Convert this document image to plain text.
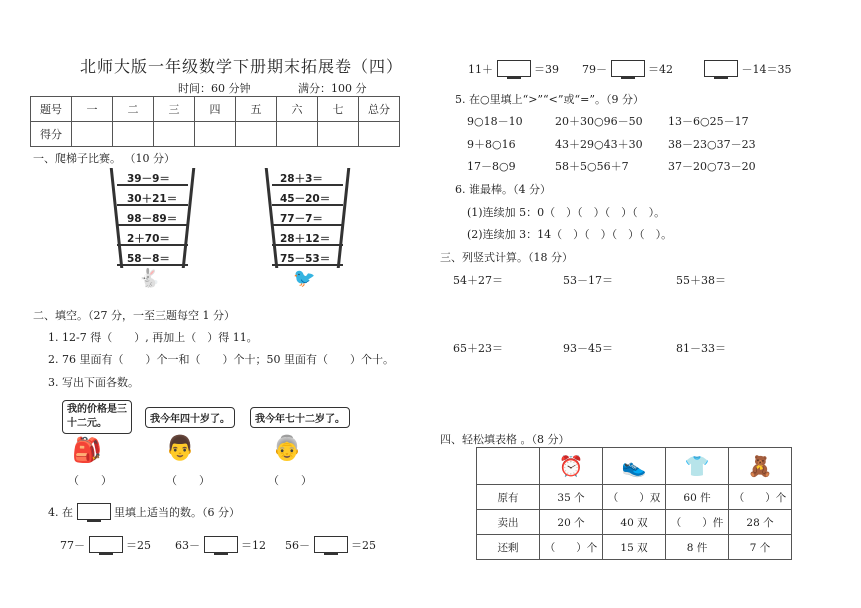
北师大版一年级数学下册期末拓展卷（四）
时间：60 分钟	满分：100 分
题号	一	二	三	四	五	六	七	总分
得分								
一、爬梯子比赛。 （10 分）
39－9＝
30＋21＝
98－89＝
2＋70＝
58－8＝
🐇
28＋3＝
45－20＝
77－7＝
28＋12＝
75－53＝
🐦
二、填空。（27 分，一至三题每空 1 分）
1. 12-7 得（　　）, 再加上（　）得 11。
2. 76 里面有（　　）个一和（　　）个十；50 里面有（　　）个十。
3. 写出下面各数。
我的价格是三十二元。
🎒
（　　）
我今年四十岁了。
👨
（　　）
我今年七十二岁了。
👵
（　　）
4. 在	里填上适当的数。（6 分）
77－	＝25 63－	＝12 56－	＝25
11＋	＝39 79－	＝42	－14＝35
5. 在○里填上“>”“<”或“=”。（9 分）
9○18－10	20＋30○96－50 13－6○25－17
9＋8○16	43＋29○43＋30 38－23○37－23
17－8○9	58＋5○56＋7	37－20○73－20
6. 谁最棒。（4 分）
(1)连续加 5：0（　）（　）（　）（　）。
(2)连续加 3：14（　）（　）（　）（　）。
三、列竖式计算。（18 分）
54＋27＝	53－17＝	55＋38＝
65＋23＝	93－45＝	81－33＝
四、轻松填表格 。（8 分）
	⏰	👟	👕	🧸
原有	35 个	（　　）双	60 件	（　　）个
卖出	20 个	40 双	（　　）件	28 个
还剩	（　　）个	15 双	8 件	7 个
